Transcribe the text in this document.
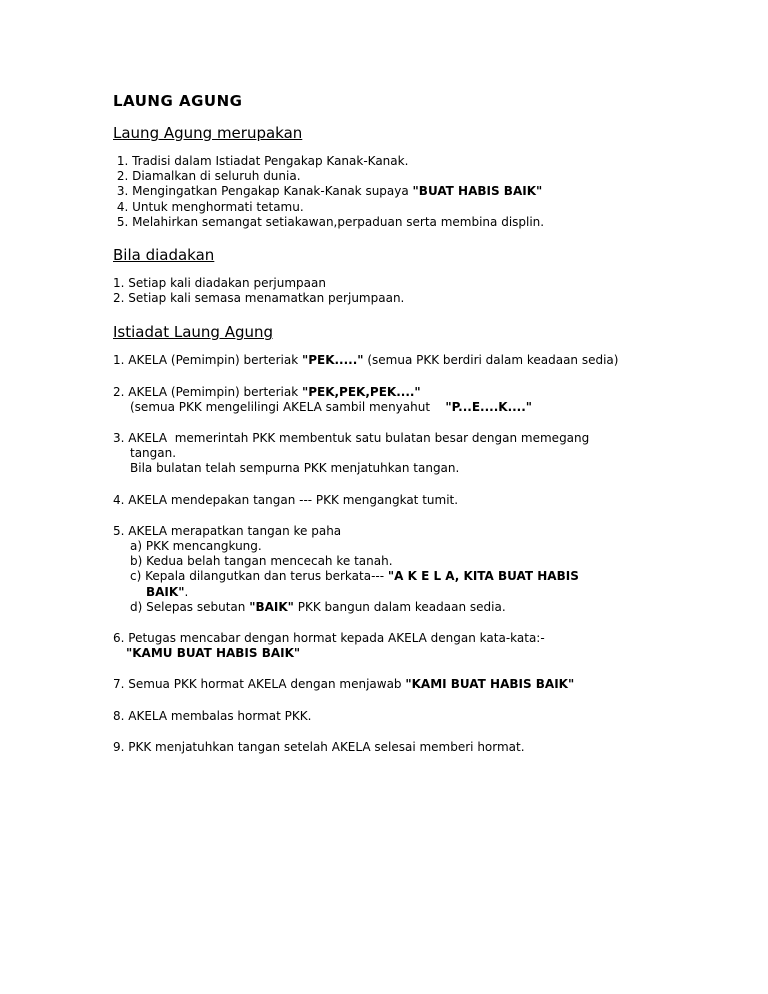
LAUNG AGUNG
Laung Agung merupakan
1. Tradisi dalam Istiadat Pengakap Kanak-Kanak.
2. Diamalkan di seluruh dunia.
3. Mengingatkan Pengakap Kanak-Kanak supaya "BUAT HABIS BAIK"
4. Untuk menghormati tetamu.
5. Melahirkan semangat setiakawan,perpaduan serta membina displin.
Bila diadakan
1. Setiap kali diadakan perjumpaan
2. Setiap kali semasa menamatkan perjumpaan.
Istiadat Laung Agung
1. AKELA (Pemimpin) berteriak "PEK....." (semua PKK berdiri dalam keadaan sedia)
2. AKELA (Pemimpin) berteriak "PEK,PEK,PEK...."
(semua PKK mengelilingi AKELA sambil menyahut    "P...E....K...."
3. AKELA  memerintah PKK membentuk satu bulatan besar dengan memegang
tangan.
Bila bulatan telah sempurna PKK menjatuhkan tangan.
4. AKELA mendepakan tangan --- PKK mengangkat tumit.
5. AKELA merapatkan tangan ke paha
a) PKK mencangkung.
b) Kedua belah tangan mencecah ke tanah.
c) Kepala dilangutkan dan terus berkata--- "A K E L A, KITA BUAT HABIS
BAIK".
d) Selepas sebutan "BAIK" PKK bangun dalam keadaan sedia.
6. Petugas mencabar dengan hormat kepada AKELA dengan kata-kata:-
"KAMU BUAT HABIS BAIK"
7. Semua PKK hormat AKELA dengan menjawab "KAMI BUAT HABIS BAIK"
8. AKELA membalas hormat PKK.
9. PKK menjatuhkan tangan setelah AKELA selesai memberi hormat.
